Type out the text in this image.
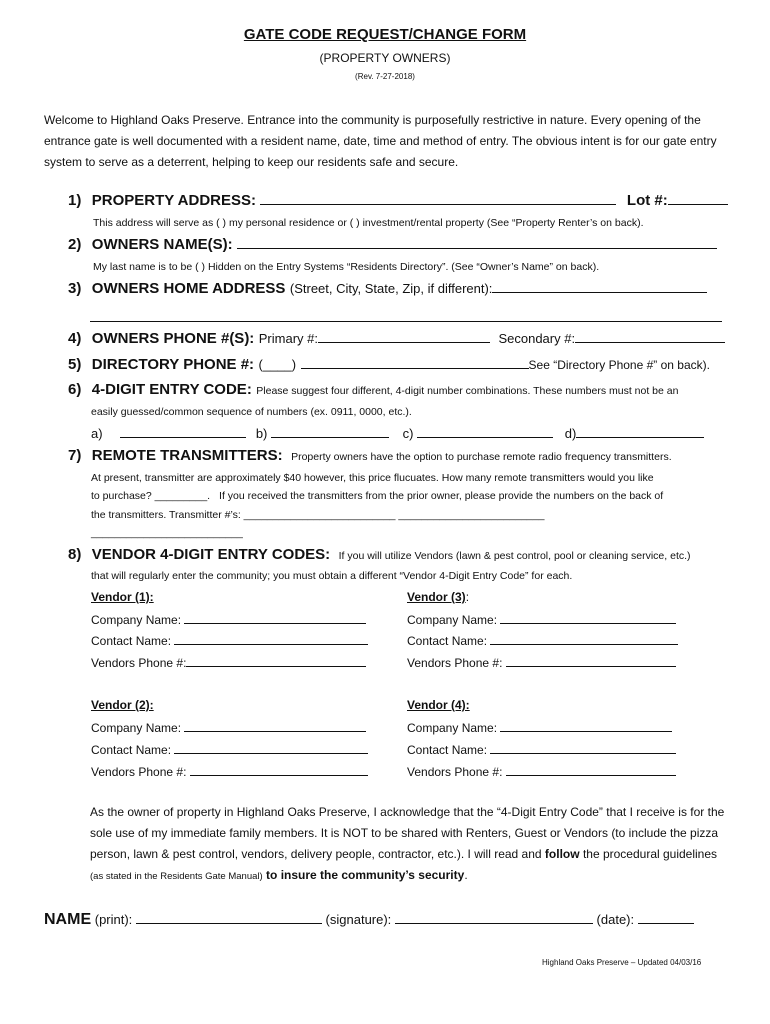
GATE CODE REQUEST/CHANGE FORM
(PROPERTY OWNERS)
(Rev. 7-27-2018)
Welcome to Highland Oaks Preserve. Entrance into the community is purposefully restrictive in nature. Every opening of the entrance gate is well documented with a resident name, date, time and method of entry. The obvious intent is for our gate entry system to serve as a deterrent, helping to keep our residents safe and secure.
1) PROPERTY ADDRESS:	Lot #:
This address will serve as ( ) my personal residence or ( ) investment/rental property (See “Property Renter’s on back).
2) OWNERS NAME(S):
My last name is to be ( ) Hidden on the Entry Systems “Residents Directory”. (See “Owner’s Name” on back).
3) OWNERS HOME ADDRESS (Street, City, State, Zip, if different):
4) OWNERS PHONE #(S): Primary #:	Secondary #:
5) DIRECTORY PHONE #: (____)	See “Directory Phone #” on back).
6) 4-DIGIT ENTRY CODE: Please suggest four different, 4-digit number combinations. These numbers must not be an
easily guessed/common sequence of numbers (ex. 0911, 0000, etc.).
a)	b)	c)	d)
7) REMOTE TRANSMITTERS: Property owners have the option to purchase remote radio frequency transmitters.
At present, transmitter are approximately $40 however, this price flucuates. How many remote transmitters would you like
to purchase? _________. If you received the transmitters from the prior owner, please provide the numbers on the back of
the transmitters. Transmitter #’s: __________________________ _________________________
__________________________
8) VENDOR 4-DIGIT ENTRY CODES: If you will utilize Vendors (lawn & pest control, pool or cleaning service, etc.)
that will regularly enter the community; you must obtain a different “Vendor 4-Digit Entry Code” for each.
Vendor (1):
Company Name:
Contact Name:
Vendors Phone #:
Vendor (3):
Company Name:
Contact Name:
Vendors Phone #:
Vendor (2):
Company Name:
Contact Name:
Vendors Phone #:
Vendor (4):
Company Name:
Contact Name:
Vendors Phone #:
As the owner of property in Highland Oaks Preserve, I acknowledge that the “4-Digit Entry Code” that I receive is for the sole use of my immediate family members. It is NOT to be shared with Renters, Guest or Vendors (to include the pizza person, lawn & pest control, vendors, delivery people, contractor, etc.). I will read and follow the procedural guidelines (as stated in the Residents Gate Manual) to insure the community’s security.
NAME (print):	(signature):	(date):
Highland Oaks Preserve – Updated 04/03/16
